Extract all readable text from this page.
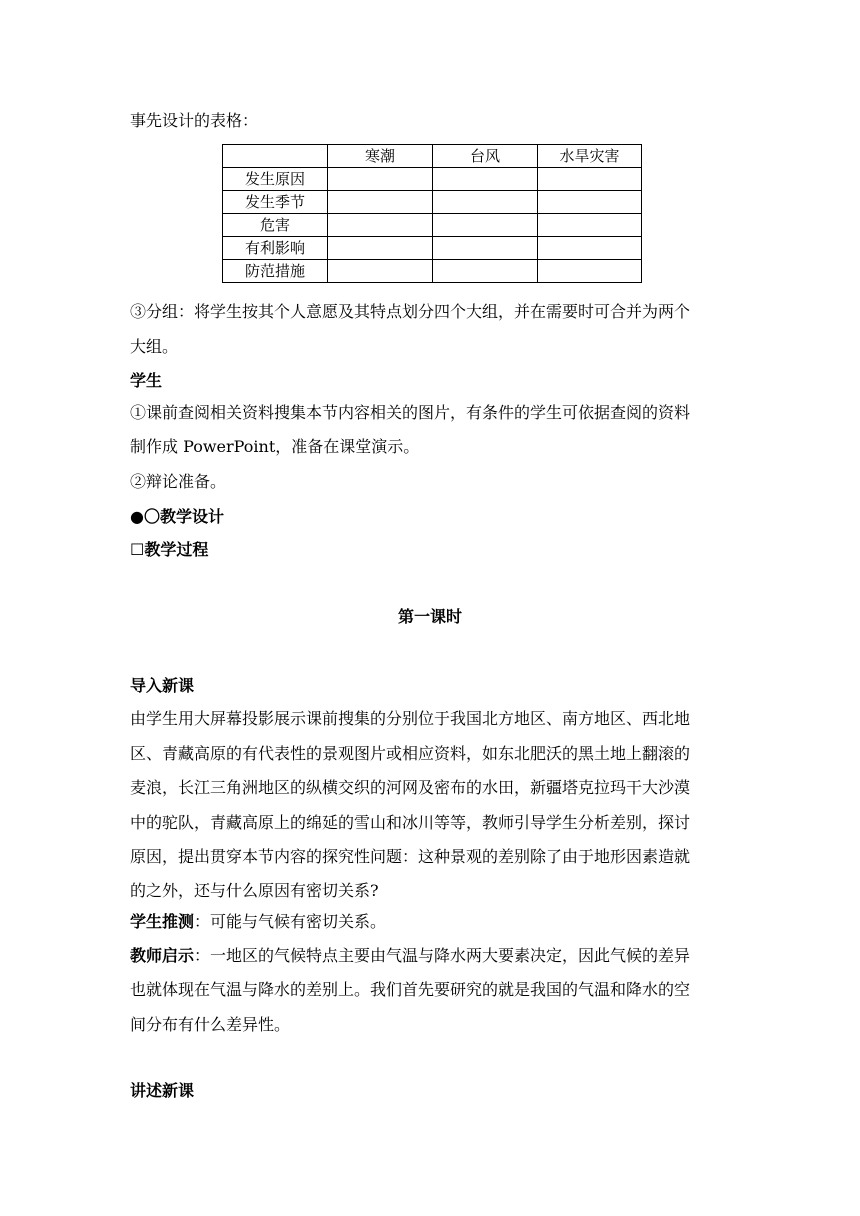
事先设计的表格：
	寒潮	台风	水旱灾害
发生原因			
发生季节			
危害			
有利影响			
防范措施			
③分组：将学生按其个人意愿及其特点划分四个大组，并在需要时可合并为两个
大组。
学生
①课前查阅相关资料搜集本节内容相关的图片，有条件的学生可依据查阅的资料
制作成 PowerPoint，准备在课堂演示。
②辩论准备。
●〇教学设计
☐教学过程
第一课时
导入新课
由学生用大屏幕投影展示课前搜集的分别位于我国北方地区、南方地区、西北地
区、青藏高原的有代表性的景观图片或相应资料，如东北肥沃的黑土地上翻滚的
麦浪，长江三角洲地区的纵横交织的河网及密布的水田，新疆塔克拉玛干大沙漠
中的驼队，青藏高原上的绵延的雪山和冰川等等，教师引导学生分析差别，探讨
原因，提出贯穿本节内容的探究性问题：这种景观的差别除了由于地形因素造就
的之外，还与什么原因有密切关系?
学生推测：可能与气候有密切关系。
教师启示：一地区的气候特点主要由气温与降水两大要素决定，因此气候的差异
也就体现在气温与降水的差别上。我们首先要研究的就是我国的气温和降水的空
间分布有什么差异性。
讲述新课
